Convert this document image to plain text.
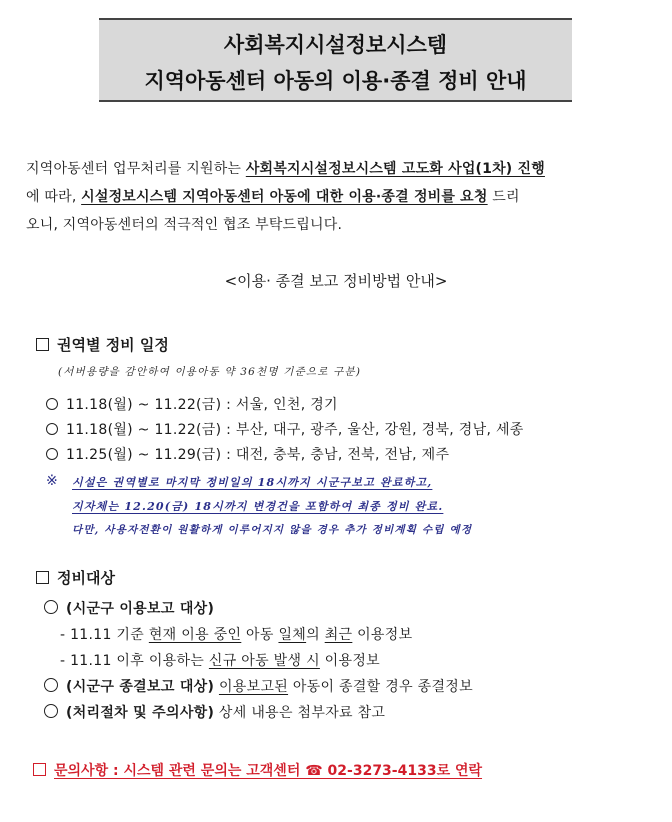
사회복지시설정보시스템
지역아동센터 아동의 이용·종결 정비 안내
지역아동센터 업무처리를 지원하는 사회복지시설정보시스템 고도화 사업(1차) 진행
에 따라, 시설정보시스템 지역아동센터 아동에 대한 이용·종결 정비를 요청 드리
오니, 지역아동센터의 적극적인 협조 부탁드립니다.
<이용· 종결 보고 정비방법 안내>
권역별 정비 일정
(서버용량을 감안하여 이용아동 약 36천명 기준으로 구분)
11.18(월) ~ 11.22(금) : 서울, 인천, 경기
11.18(월) ~ 11.22(금) : 부산, 대구, 광주, 울산, 강원, 경북, 경남, 세종
11.25(월) ~ 11.29(금) : 대전, 충북, 충남, 전북, 전남, 제주
※ 시설은 권역별로 마지막 정비일의 18시까지 시군구보고 완료하고,
지자체는 12.20(금) 18시까지 변경건을 포함하여 최종 정비 완료.
다만, 사용자전환이 원활하게 이루어지지 않을 경우 추가 정비계획 수립 예정
정비대상
(시군구 이용보고 대상)
- 11.11 기준 현재 이용 중인 아동 일체의 최근 이용정보
- 11.11 이후 이용하는 신규 아동 발생 시 이용정보
(시군구 종결보고 대상) 이용보고된 아동이 종결할 경우 종결정보
(처리절차 및 주의사항) 상세 내용은 첨부자료 참고
문의사항 : 시스템 관련 문의는 고객센터 ☎ 02-3273-4133로 연락
